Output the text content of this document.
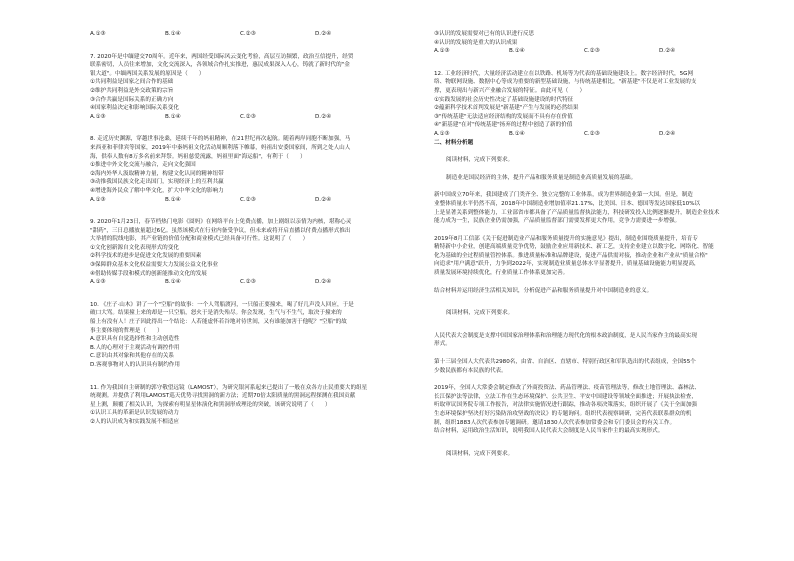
A.①③	B.①④	C.②③	D.②④

7. 2020年是中缅建交70周年。近年来，两国经受国际风云变化考验，高层互访频繁，政治互信提升，经贸

联系密切，人员往来增加，文化交流深入，各领域合作扎实推进，惠民成果深入人心，铸就了新时代的"金

银大道"。中缅两国关系发展的原因是（　　）

①共同利益是国家之间合作的基础

②维护共同利益是外交政策的宗旨

③合作共赢是国际关系的正确方向

④国家利益决定和影响国际关系变化

A.①③	B.①④	C.②③	D.②④

8. 走近历史渊源，穿越世事沧桑，延续千年的妈祖精神，在21世纪再次起航。随着两岸同胞不断加强，马

来西亚和菲律宾等国家，2019年中秦妈祖文化活动周顺利落下帷幕，妈祖出安委国家间，所到之处人山人

海，供奉人数有8万多名前来拜祭。妈祖慈爱流露，妈祖里面"海运船"，有利于（　　）

①推进中外文化交流与融合，走向文化强国

②海内外华人汲取精神力量，构建文化认同的精神纽带

③动推我国民族文化走出国门，实现经济上的互利共赢

④增进海外民众了解中华文化，扩大中华文化的影响力

A.①③	B.①④	C.②③	D.②④

9. 2020年1月23日，春节档热门电影《囧妈》在网络平台上免费点播，加上剧组以亲情为内核，堪称心灵

"甜药"，三日总播放量超过6亿。虽然该模式在行业内备受争议，但未来或将开启直播以付费点播形式推出

大举措的院线电影，其产业链的价值分配和商业模式已经具备可行性。这说明了（　　）

①文化创新源自文化表现形式的变化

②科学技术的进步是促进文化发展的重要因素

③保障群众基本文化权益需要大力发展公益文化事业

④借助传媒手段和模式的创新能推动文化的发展

A.①③	B.①④	C.②③	D.②④

10. 《庄子·山木》讲了一个"空船"的故事：一个人驾船渡河，一只船正要撞来，喝了好几声没人回应，于是

破口大骂。结果撞上来的却是一只空船，怒火于是消失殆尽。你会发现，生气与不生气，取决于撞来的

船上有没有人！庄子因此得出一个结论：人若能虚怀若谷地对待世间，又有谁能加害于他呢？"空船"的故

事主要体现的哲理是（　　）

A.意识具有自觉选择性和主动创造性

B.人的心理对于主观活动有调控作用

C.意识由其对象和其他存在的关系

D.客观事物对人的认识具有制约作用

11. 作为我国自主研制的郭守敬望远镜（LAMOST），为研究银河系起来已提出了一般在众各方止民重要大的组星

统观测。并提供了利用LAMOST巡天优势寻找黑洞的新方法；近期70倍太阳质量的黑洞远程探测在我国贡献

星上测，颠覆了相关认识，为探索有明显星体演化和黑洞形成理论的突破，该研究说明了（　　）

①认识工具的革新是认识发展的动力

②人的认识成为和实践发展不相适应

③认识的发展需要对已有的认识进行反思

④认识的发展的是重大的认识成果

A.①③	B.①④	C.②③	D.②④

12. 工业经济时代，大量经济活动建立在以铁路、机场等为代表的基础设施建设上。数字经济时代，5G网

络、物联网设施、数据中心等成为重要的新型基础设施，与传统基建相比，"新基建"不仅是对工业发展的支

撑，更表现出与新兴产业融合发展的特征。由此可见（　　）

①实践发展的社会历史性决定了基础设施建设的时代特征

②蕴新科学技术首判发展是"新基建"产生与发展的必然结果

③"传统基建"无法适应经济结构的发展而不具有存在价值

④"新基建"在对"传统基建"扬弃的过程中创造了新的价值

A.①③	B.①④	C.②③	D.②④

二、材料分析题

阅读材料，完成下列要求。

制造业是国民经济的主体，提升产品和服务质量是制造业高质量发展的基础。

新中国成立70年来，我国建成了门类齐全、独立完整的工业体系，成为世界制造业第一大国。但是，制造

业整体质量水平仍然不高，2018年中国制造业增加值率21.17%，比美国、日本、德国等发达国家低10%以

上是显著关系到整体能力，工业部省市都具备了产品质量监督执法能力，科技研发投入比例逐渐提升，制造企业技术

能力成为一生，民族企业仍需加强，产品质量监督部门需要发挥更大作用，竞争力需要进一步增强。

2019年8月工信部《关于促进制造业产品和服务质量提升的实施意见》提出，制造业围绕质量提升，培育专

精特新中小企业，创建高端质量竞争优势，鼓励企业应用新技术、新工艺，支持企业建立以数字化、网络化、智能

化为基础的全过程质量管控体系。推进质量标准和品牌建设，促进产品供需对接，推动企业和产业从"质量合格"

向追求"用户满意"跃升，力争到2022年，实现制造业质量总体水平显著提升，质量基础设施能力明显提高，

质量发展环境持续优化，行业质量工作体系更加完善。

结合材料并运用经济生活相关知识，分析促进产品和服务质量提升对中国制造业的意义。

阅读材料，完成下列要求。

人民代表大会制度是支撑中国国家治理体系和治理能力现代化的根本政治制度，是人民当家作主的最高实现

形式。

第十三届全国人大代表共2980名，由省、自治区、直辖市、特别行政区和军队选出的代表组成，全国55个

少数民族都有本民族的代表。

2019年，全国人大常委会制定修改了外商投资法、药品管理法、疫苗管理法等，修改土地管理法、森林法、

长江保护法等法律，立法工作在生态环境保护、公共卫生、平安中国建设等领域全面推进；开展执法检查，

听取审议国务院专项工作报告，对法律实施情况进行跟踪，推动各项决策落实，组织开展了《关于全面加强

生态环境保护坚决打好污染防治攻坚战的决议》的专题询问。组织代表视察调研，完善代表联系群众的机

制，组织1883人次代表参加专题调研。邀请1830人次代表参加常委会和专门委员会的有关工作。

结合材料，运用政治生活知识，说明我国人民代表大会制度是人民当家作主的最高实现形式。

阅读材料，完成下列要求。
